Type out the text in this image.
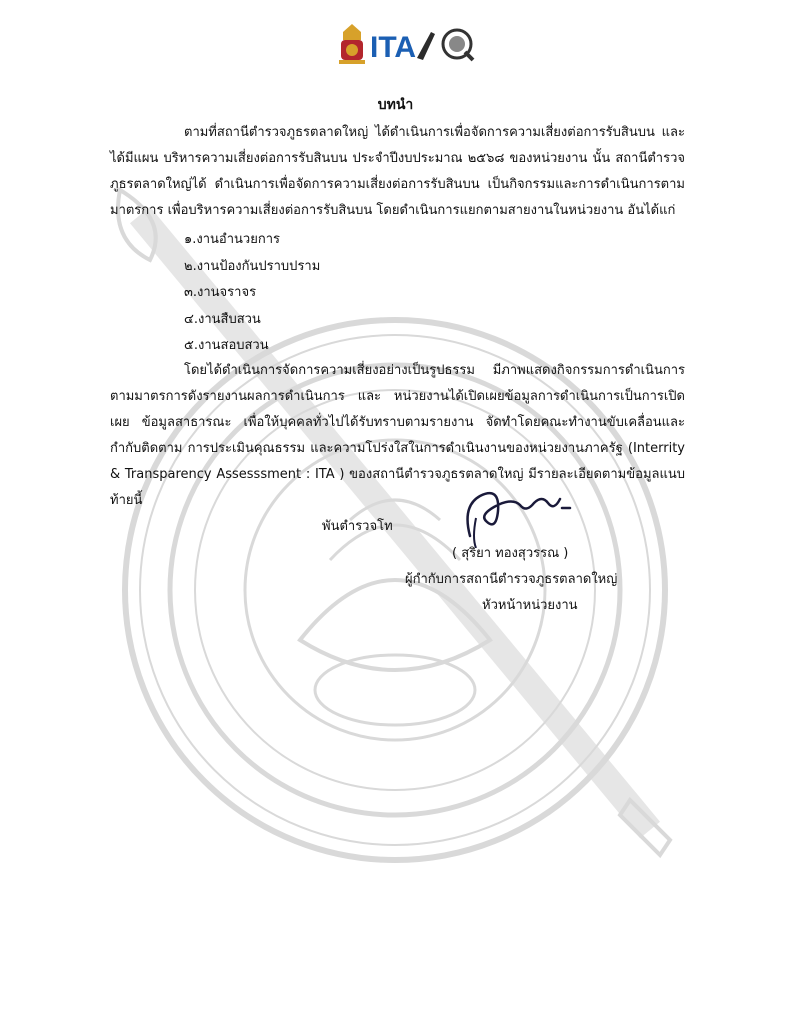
ITA
บทนำ
ตามที่สถานีตำรวจภูธรตลาดใหญ่ ได้ดำเนินการเพื่อจัดการความเสี่ยงต่อการรับสินบน และได้มีแผน บริหารความเสี่ยงต่อการรับสินบน ประจำปีงบประมาณ ๒๕๖๘ ของหน่วยงาน นั้น สถานีตำรวจภูธรตลาดใหญ่ได้ ดำเนินการเพื่อจัดการความเสี่ยงต่อการรับสินบน เป็นกิจกรรมและการดำเนินการตามมาตรการ เพื่อบริหารความเสี่ยงต่อการรับสินบน โดยดำเนินการแยกตามสายงานในหน่วยงาน อันได้แก่
๑.งานอำนวยการ
๒.งานป้องกันปราบปราม
๓.งานจราจร
๔.งานสืบสวน
๕.งานสอบสวน
โดยได้ดำเนินการจัดการความเสี่ยงอย่างเป็นรูปธรรม มีภาพแสดงกิจกรรมการดำเนินการ ตามมาตรการดังรายงานผลการดำเนินการ และ หน่วยงานได้เปิดเผยข้อมูลการดำเนินการเป็นการเปิดเผย ข้อมูลสาธารณะ เพื่อให้บุคคลทั่วไปได้รับทราบตามรายงาน จัดทำโดยคณะทำงานขับเคลื่อนและกำกับติดตาม การประเมินคุณธรรม และความโปร่งใสในการดำเนินงานของหน่วยงานภาครัฐ (Interrity & Transparency Assesssment : ITA ) ของสถานีตำรวจภูธรตลาดใหญ่ มีรายละเอียดตามข้อมูลแนบท้ายนี้
พันตำรวจโท
( สุริยา ทองสุวรรณ )
ผู้กำกับการสถานีตำรวจภูธรตลาดใหญ่
หัวหน้าหน่วยงาน
